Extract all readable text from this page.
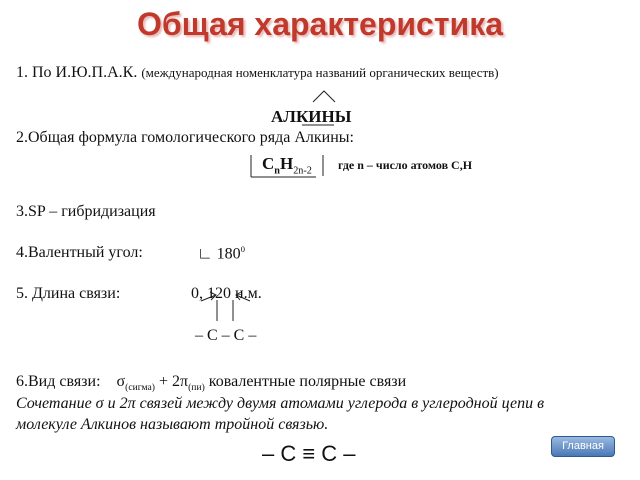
Общая характеристика
1. По И.Ю.П.А.К. (международная номенклатура названий органических веществ)
АЛКИНЫ
2.Общая формула гомологического ряда Алкины:
$C_nH_{2n-2}$ где n – число атомов C,H
3.SP – гибридизация
4.Валентный угол:	∟ $180^0$
5. Длина связи:	0, 120 н.м.
– C – C –
6.Вид связи: $\sigma_{(сигма)} + 2\pi_{(пи)}$ ковалентные полярные связи
Сочетание σ и 2π связей между двумя атомами углерода в углеродной цепи в
молекуле Алкинов называют тройной связью.
– C ≡ C –	Главная
